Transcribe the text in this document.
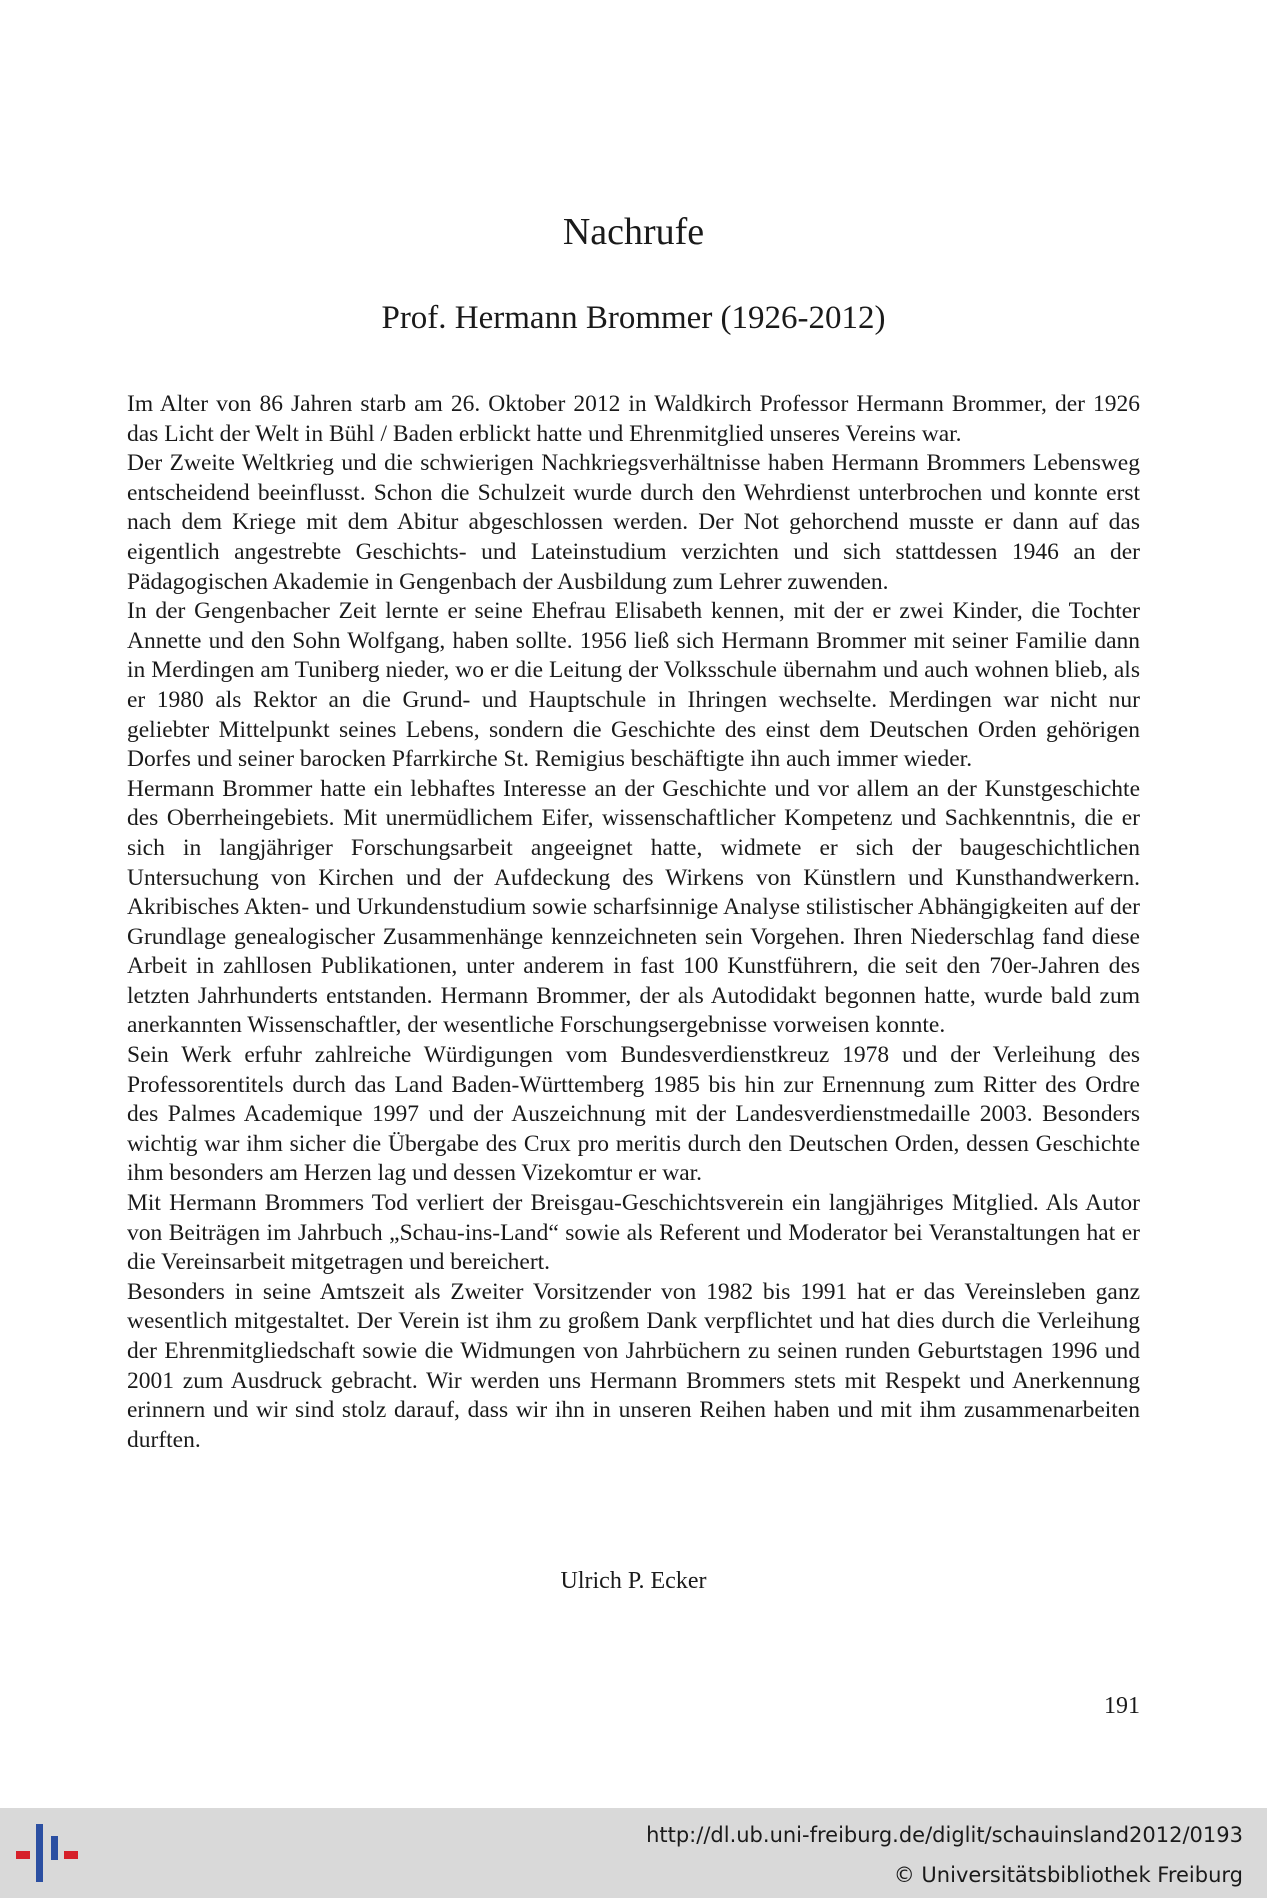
Nachrufe
Prof. Hermann Brommer (1926-2012)

Im Alter von 86 Jahren starb am 26. Oktober 2012 in Waldkirch Professor Hermann Brommer, der 1926 das Licht der Welt in Bühl / Baden erblickt hatte und Ehrenmitglied unseres Vereins war.

Der Zweite Weltkrieg und die schwierigen Nachkriegsverhältnisse haben Hermann Brommers Lebensweg entscheidend beeinflusst. Schon die Schulzeit wurde durch den Wehrdienst unterbrochen und konnte erst nach dem Kriege mit dem Abitur abgeschlossen werden. Der Not gehorchend musste er dann auf das eigentlich angestrebte Geschichts- und Lateinstudium verzichten und sich stattdessen 1946 an der Pädagogischen Akademie in Gengenbach der Ausbildung zum Lehrer zuwenden.

In der Gengenbacher Zeit lernte er seine Ehefrau Elisabeth kennen, mit der er zwei Kinder, die Tochter Annette und den Sohn Wolfgang, haben sollte. 1956 ließ sich Hermann Brommer mit seiner Familie dann in Merdingen am Tuniberg nieder, wo er die Leitung der Volksschule übernahm und auch wohnen blieb, als er 1980 als Rektor an die Grund- und Hauptschule in Ihringen wechselte. Merdingen war nicht nur geliebter Mittelpunkt seines Lebens, sondern die Geschichte des einst dem Deutschen Orden gehörigen Dorfes und seiner barocken Pfarrkirche St. Remigius beschäftigte ihn auch immer wieder.

Hermann Brommer hatte ein lebhaftes Interesse an der Geschichte und vor allem an der Kunstgeschichte des Oberrheingebiets. Mit unermüdlichem Eifer, wissenschaftlicher Kompetenz und Sachkenntnis, die er sich in langjähriger Forschungsarbeit angeeignet hatte, widmete er sich der baugeschichtlichen Untersuchung von Kirchen und der Aufdeckung des Wirkens von Künstlern und Kunsthandwerkern. Akribisches Akten- und Urkundenstudium sowie scharfsinnige Analyse stilistischer Abhängigkeiten auf der Grundlage genealogischer Zusammenhänge kennzeichneten sein Vorgehen. Ihren Niederschlag fand diese Arbeit in zahllosen Publikationen, unter anderem in fast 100 Kunstführern, die seit den 70er-Jahren des letzten Jahrhunderts entstanden. Hermann Brommer, der als Autodidakt begonnen hatte, wurde bald zum anerkannten Wissenschaftler, der wesentliche Forschungsergebnisse vorweisen konnte.

Sein Werk erfuhr zahlreiche Würdigungen vom Bundesverdienstkreuz 1978 und der Verleihung des Professorentitels durch das Land Baden-Württemberg 1985 bis hin zur Ernennung zum Ritter des Ordre des Palmes Academique 1997 und der Auszeichnung mit der Landesverdienstmedaille 2003. Besonders wichtig war ihm sicher die Übergabe des Crux pro meritis durch den Deutschen Orden, dessen Geschichte ihm besonders am Herzen lag und dessen Vizekomtur er war.

Mit Hermann Brommers Tod verliert der Breisgau-Geschichtsverein ein langjähriges Mitglied. Als Autor von Beiträgen im Jahrbuch „Schau-ins-Land“ sowie als Referent und Moderator bei Veranstaltungen hat er die Vereinsarbeit mitgetragen und bereichert.

Besonders in seine Amtszeit als Zweiter Vorsitzender von 1982 bis 1991 hat er das Vereinsleben ganz wesentlich mitgestaltet. Der Verein ist ihm zu großem Dank verpflichtet und hat dies durch die Verleihung der Ehrenmitgliedschaft sowie die Widmungen von Jahrbüchern zu seinen runden Geburtstagen 1996 und 2001 zum Ausdruck gebracht. Wir werden uns Hermann Brommers stets mit Respekt und Anerkennung erinnern und wir sind stolz darauf, dass wir ihn in unseren Reihen haben und mit ihm zusammenarbeiten durften.

Ulrich P. Ecker

191

http://dl.ub.uni-freiburg.de/diglit/schauinsland2012/0193
© Universitätsbibliothek Freiburg
